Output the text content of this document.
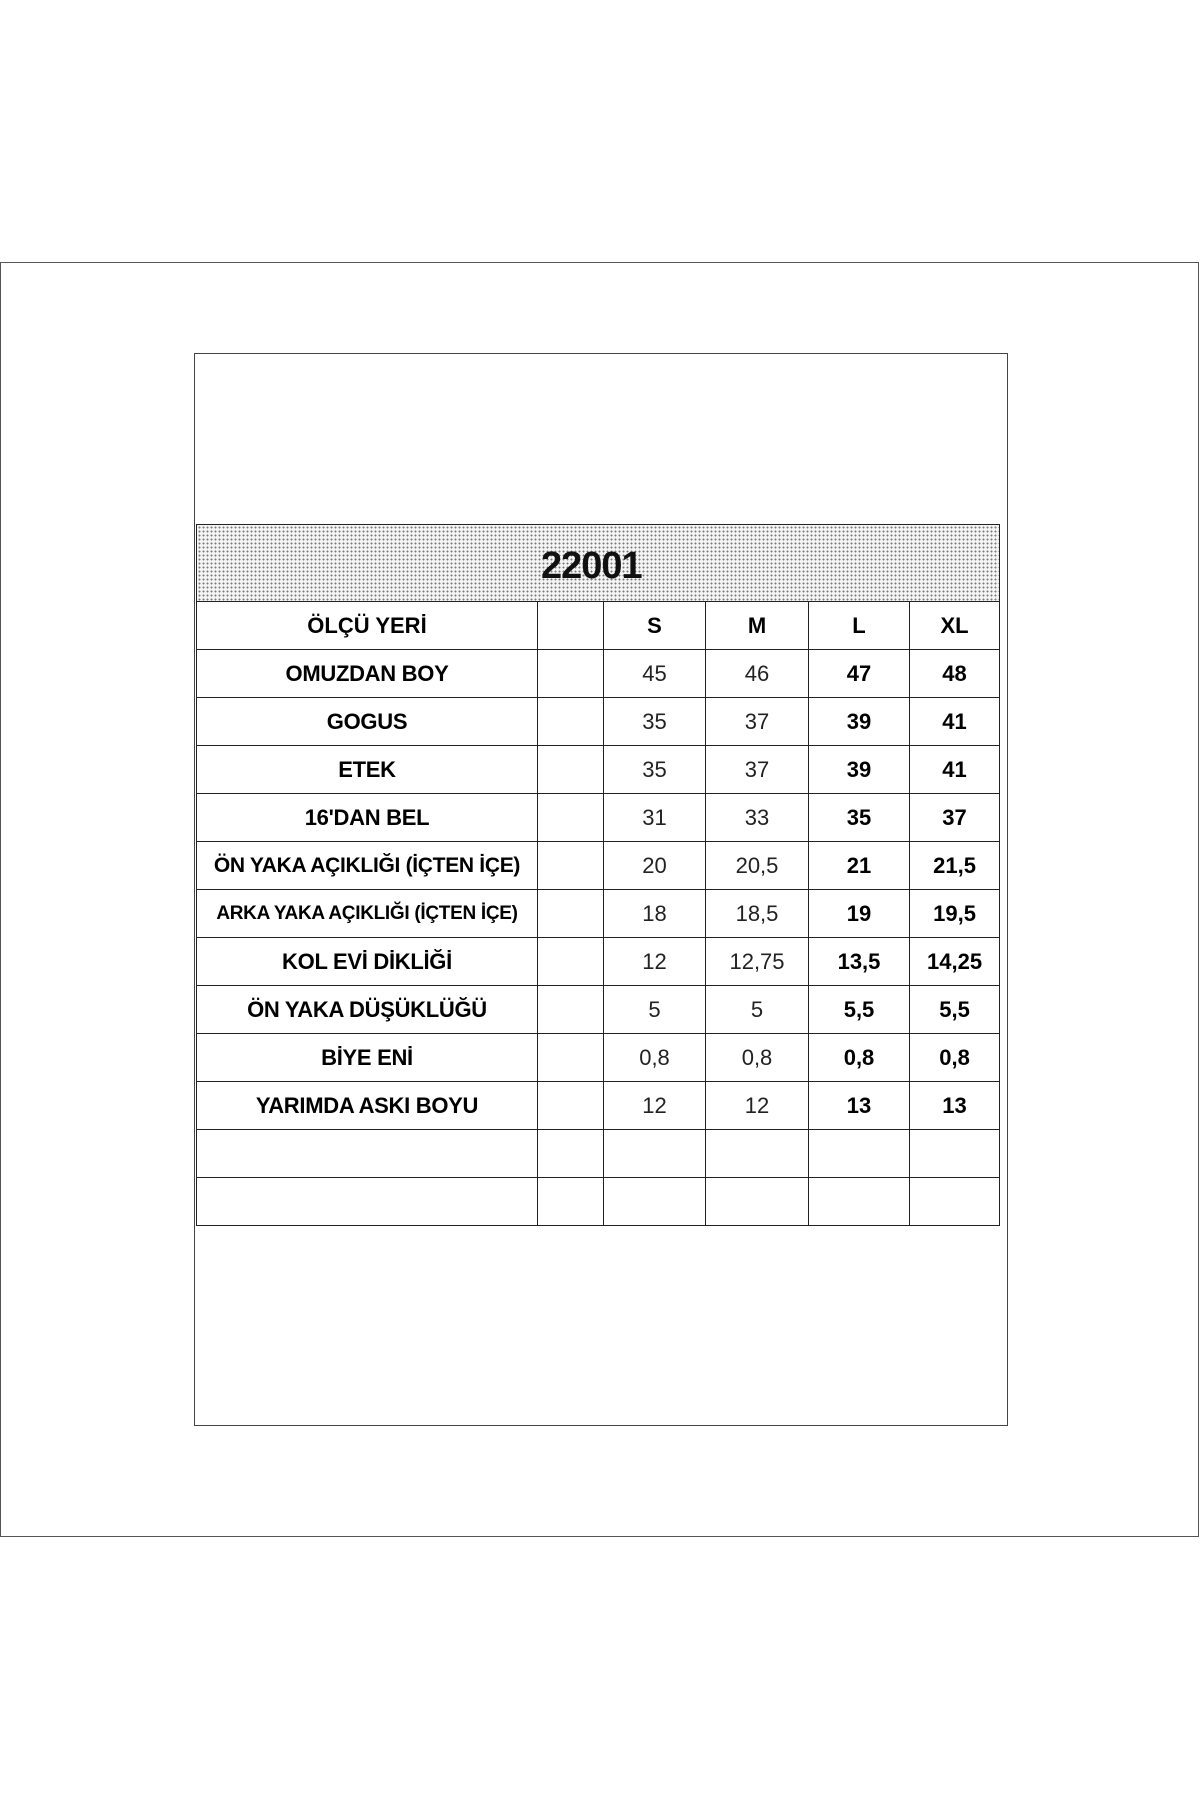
22001					

ÖLÇÜ YERİ		S	M	L	XL
OMUZDAN BOY		45	46	47	48
GOGUS		35	37	39	41
ETEK		35	37	39	41
16'DAN BEL		31	33	35	37
ÖN YAKA AÇIKLIĞI (İÇTEN İÇE)		20	20,5	21	21,5
ARKA YAKA AÇIKLIĞI (İÇTEN İÇE)		18	18,5	19	19,5
KOL EVİ DİKLİĞİ		12	12,75	13,5	14,25
ÖN YAKA DÜŞÜKLÜĞÜ		5	5	5,5	5,5
BİYE ENİ		0,8	0,8	0,8	0,8
YARIMDA ASKI BOYU		12	12	13	13
